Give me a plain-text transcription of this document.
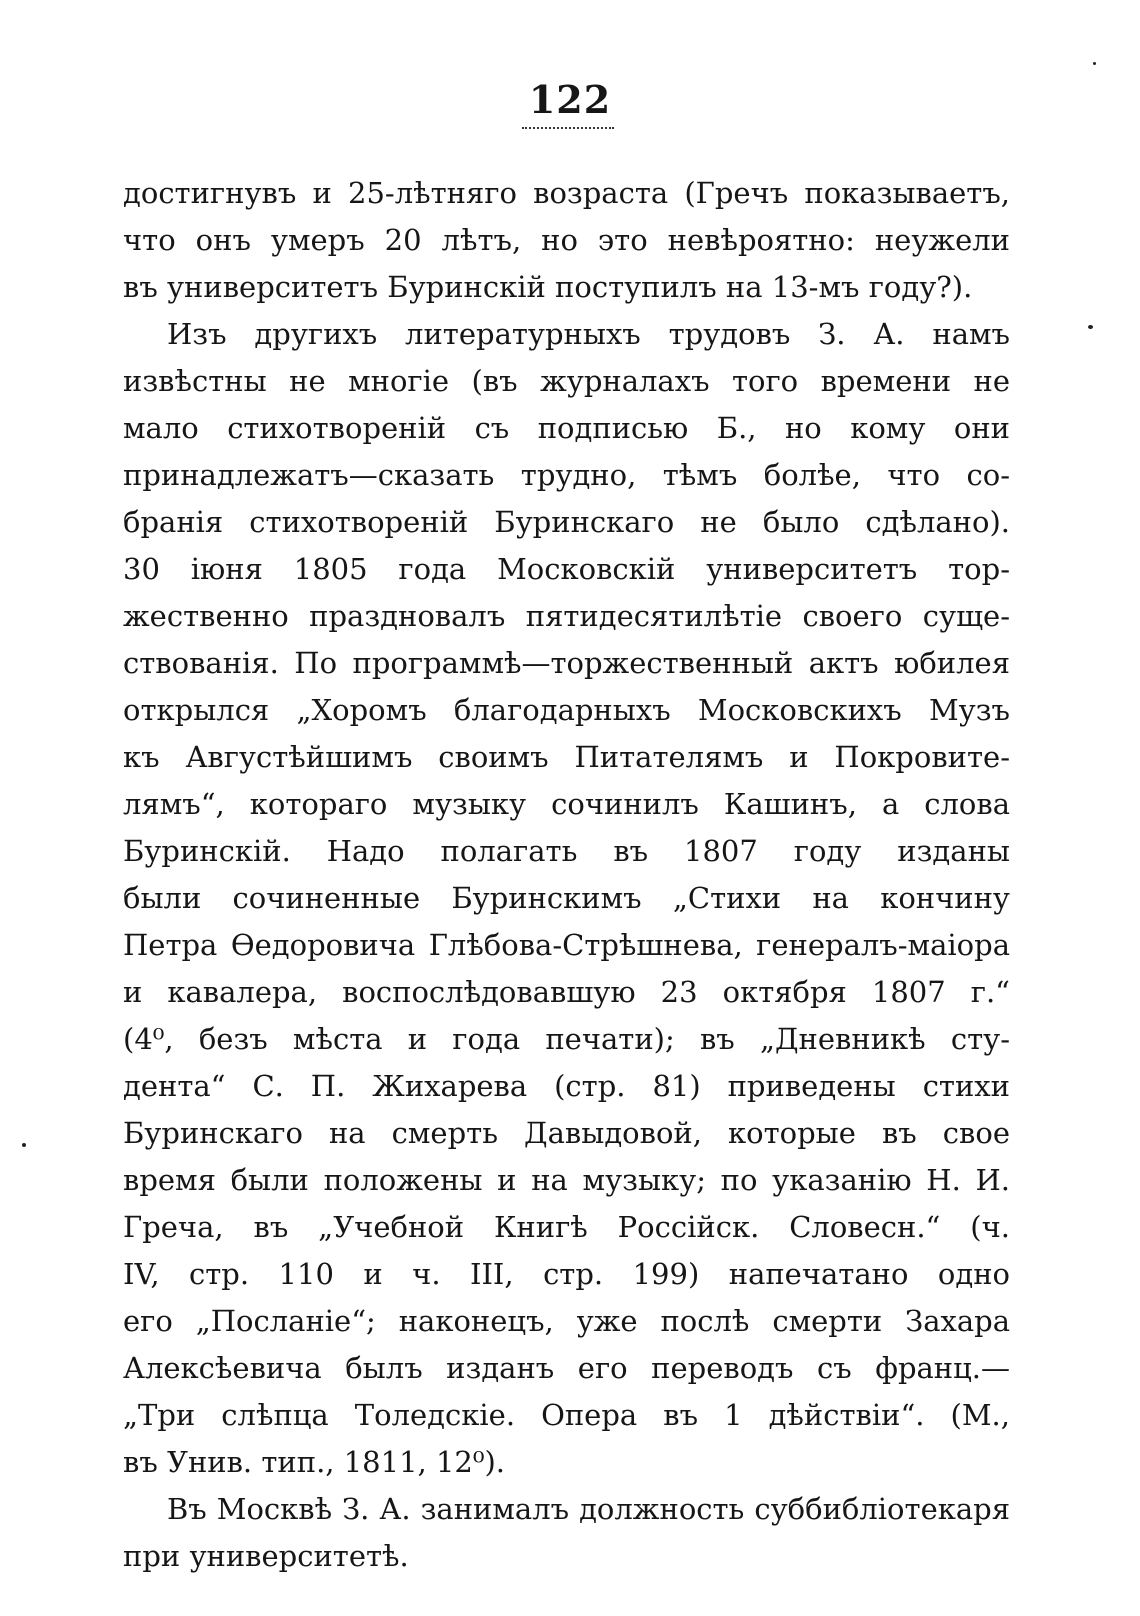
122
достигнувъ и 25-лѣтняго возраста (Гречъ показываетъ,
что онъ умеръ 20 лѣтъ, но это невѣроятно: неужели
въ университетъ Буринскій поступилъ на 13-мъ году?).
Изъ другихъ литературныхъ трудовъ З. А. намъ
извѣстны не многіе (въ журналахъ того времени не
мало стихотвореній съ подписью Б., но кому они
принадлежатъ—сказать трудно, тѣмъ болѣе, что со-
бранія стихотвореній Буринскаго не было сдѣлано).
30 іюня 1805 года Московскій университетъ тор-
жественно праздновалъ пятидесятилѣтіе своего суще-
ствованія. По программѣ—торжественный актъ юбилея
открылся „Хоромъ благодарныхъ Московскихъ Музъ
къ Августѣйшимъ своимъ Питателямъ и Покровите-
лямъ“, котораго музыку сочинилъ Кашинъ, а слова
Буринскій. Надо полагать въ 1807 году изданы
были сочиненные Буринскимъ „Стихи на кончину
Петра Ѳедоровича Глѣбова-Стрѣшнева, генералъ-маіора
и кавалера, воспослѣдовавшую 23 октября 1807 г.“
(4⁰, безъ мѣста и года печати); въ „Дневникѣ сту-
дента“ С. П. Жихарева (стр. 81) приведены стихи
Буринскаго на смерть Давыдовой, которые въ свое
время были положены и на музыку; по указанію Н. И.
Греча, въ „Учебной Книгѣ Россійск. Словесн.“ (ч.
IV, стр. 110 и ч. III, стр. 199) напечатано одно
его „Посланіе“; наконецъ, уже послѣ смерти Захара
Алексѣевича былъ изданъ его переводъ съ франц.—
„Три слѣпца Толедскіе. Опера въ 1 дѣйствіи“. (М.,
въ Унив. тип., 1811, 12⁰).
Въ Москвѣ З. А. занималъ должность суббибліотекаря
при университетѣ.
